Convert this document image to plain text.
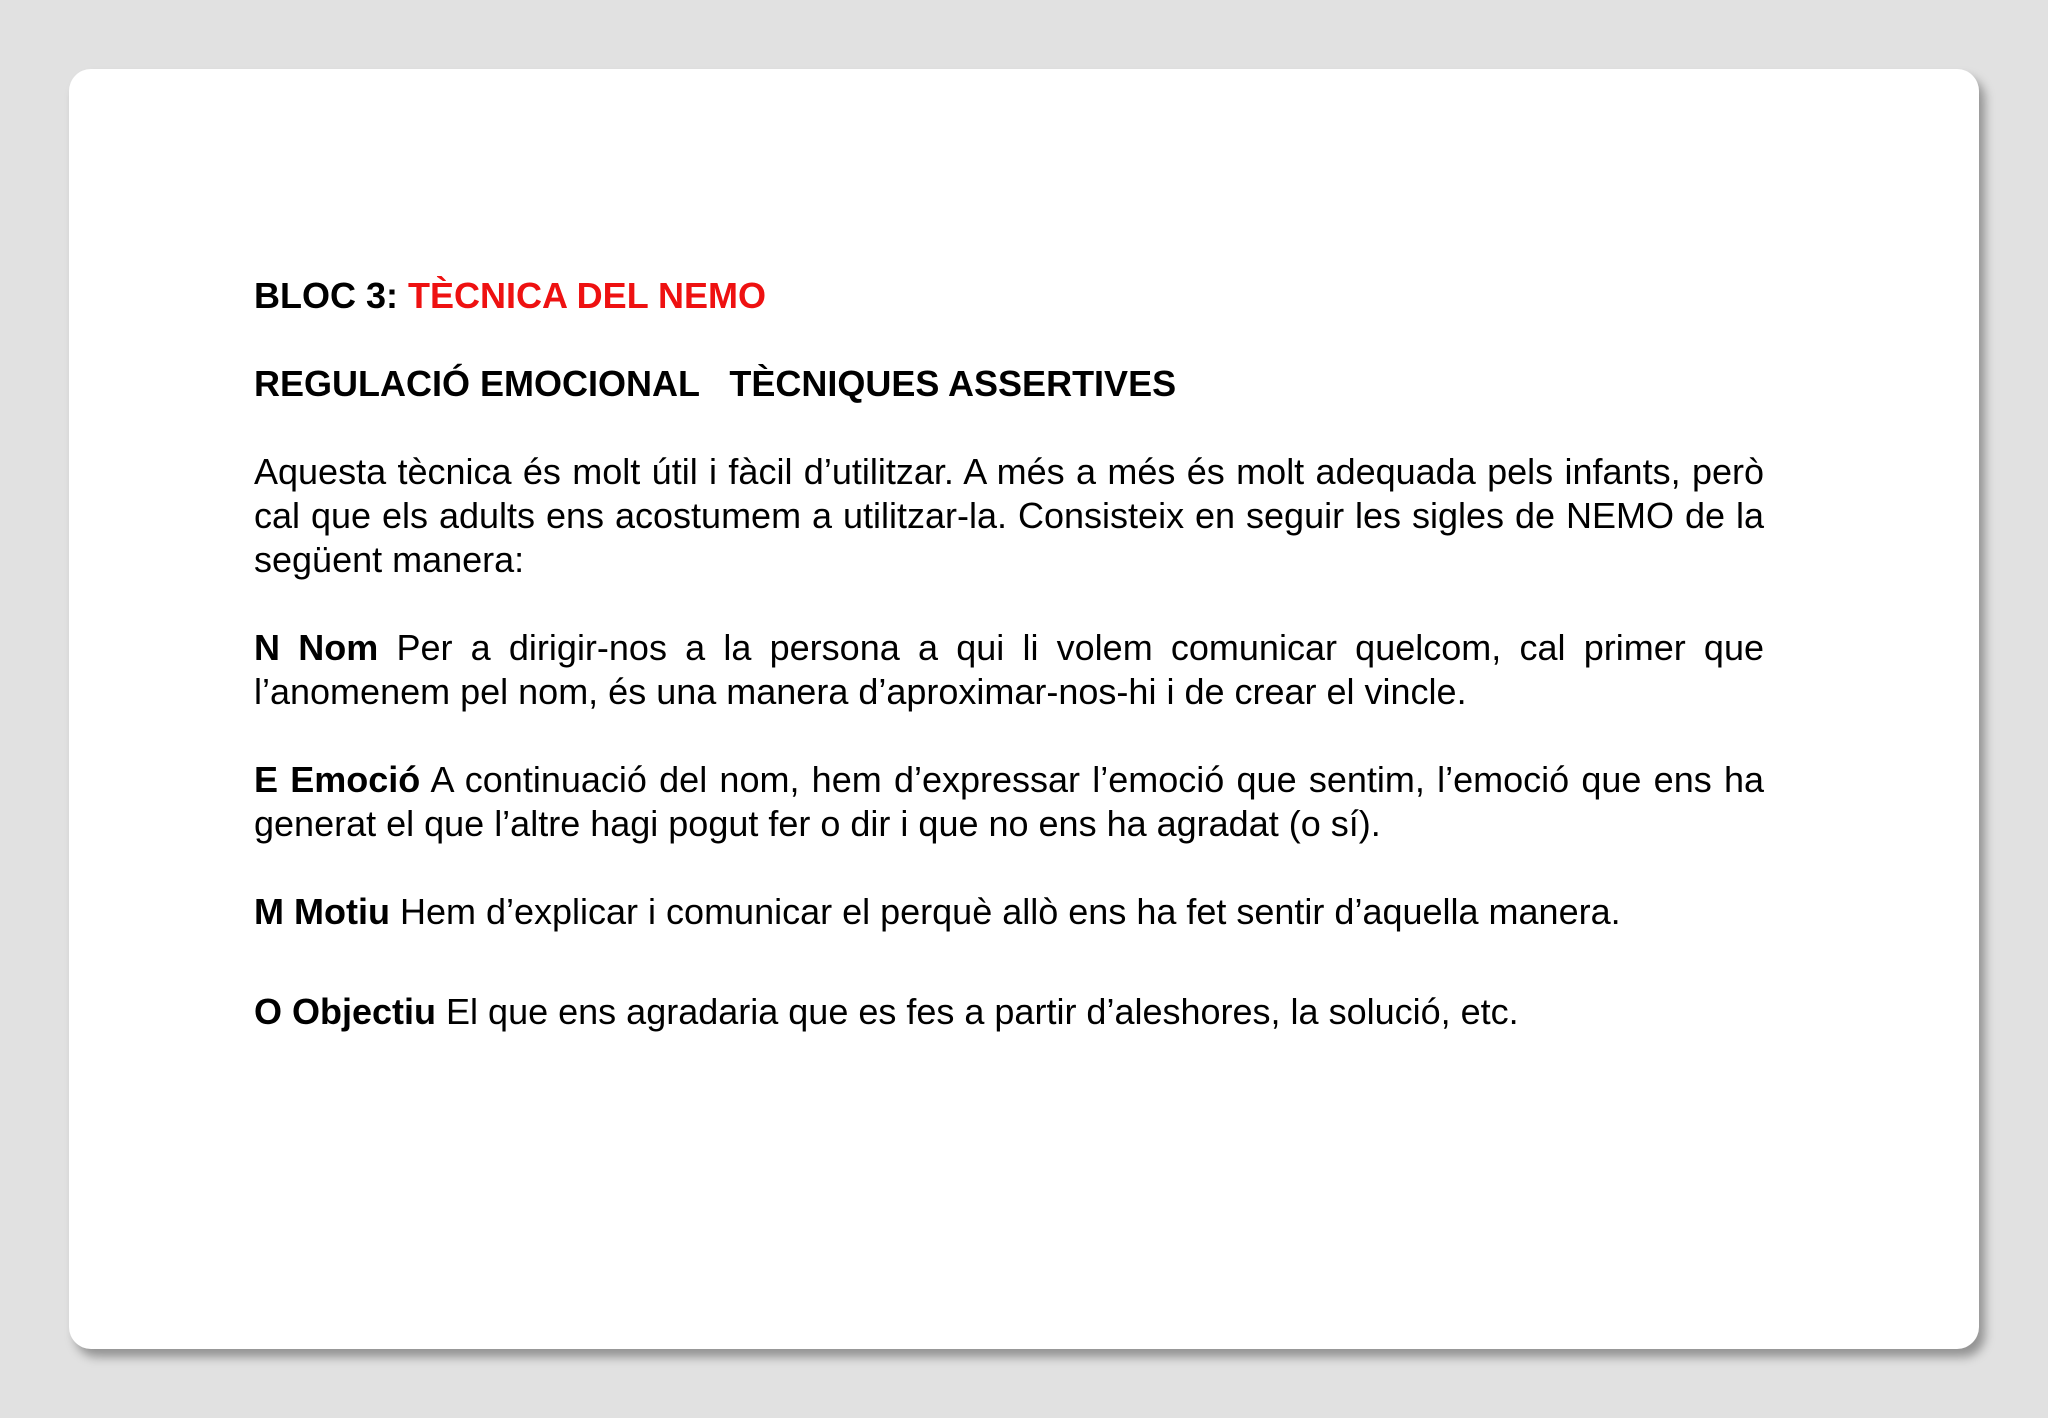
BLOC 3: TÈCNICA DEL NEMO
REGULACIÓ EMOCIONAL   TÈCNIQUES ASSERTIVES

Aquesta tècnica és molt útil i fàcil d’utilitzar. A més a més és molt adequada pels infants, però cal que els adults ens acostumem a utilitzar-la. Consisteix en seguir les sigles de NEMO de la següent manera:

N Nom Per a dirigir-nos a la persona a qui li volem comunicar quelcom, cal primer que l’anomenem pel nom, és una manera d’aproximar-nos-hi i de crear el vincle.

E Emoció A continuació del nom, hem d’expressar l’emoció que sentim, l’emoció que ens ha generat el que l’altre hagi pogut fer o dir i que no ens ha agradat (o sí).

M Motiu Hem d’explicar i comunicar el perquè allò ens ha fet sentir d’aquella manera.

O Objectiu El que ens agradaria que es fes a partir d’aleshores, la solució, etc.
